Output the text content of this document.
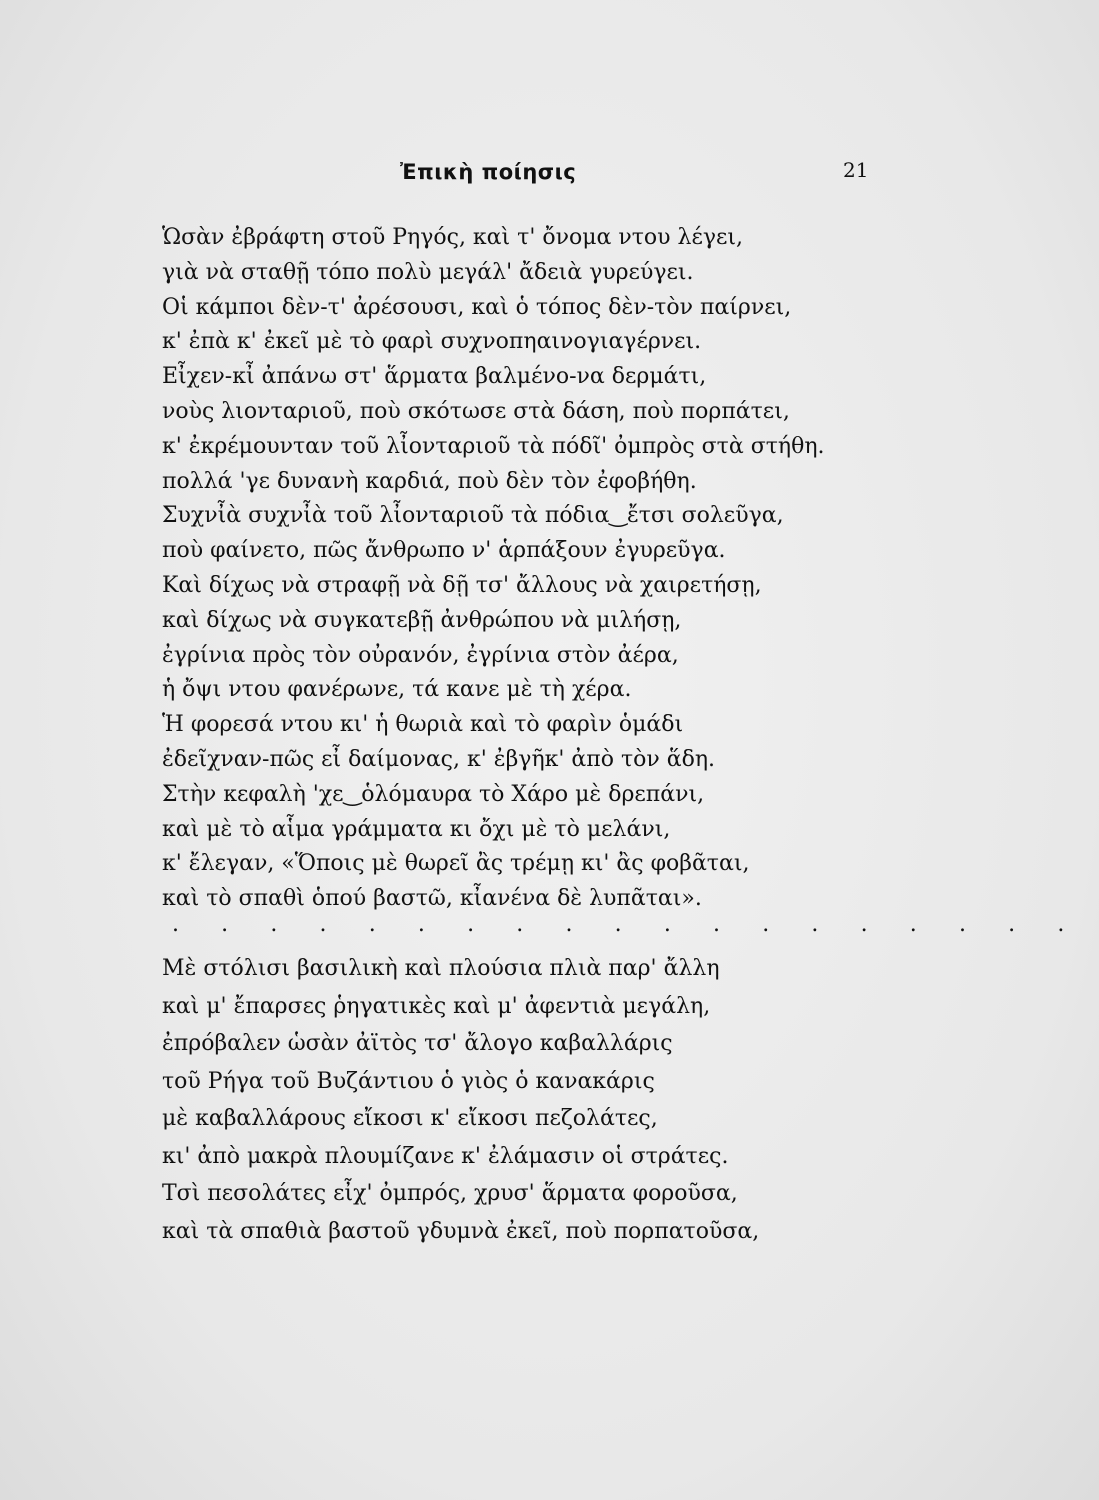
Ἐπικὴ ποίησις	21
Ὡσὰν ἐβράφτη στοῦ Ρηγός, καὶ τ' ὄνομα ντου λέγει,
γιὰ νὰ σταθῇ τόπο πολὺ μεγάλ' ἄδειὰ γυρεύγει.
Οἱ κάμποι δὲν-τ' ἀρέσουσι, καὶ ὁ τόπος δὲν-τὸν παίρνει,
κ' ἐπὰ κ' ἐκεῖ μὲ τὸ φαρὶ συχνοπηαινογιαγέρνει.
Εἶχεν-κἶ ἀπάνω στ' ἅρματα βαλμένο-να δερμάτι,
νοὺς λιονταριοῦ, ποὺ σκότωσε στὰ δάση, ποὺ πορπάτει,
κ' ἐκρέμουνταν τοῦ λἶονταριοῦ τὰ πόδῖ' ὀμπρὸς στὰ στήθη.
πολλά 'γε δυνανὴ καρδιά, ποὺ δὲν τὸν ἐφοβήθη.
Συχνἶὰ συχνἶὰ τοῦ λἶονταριοῦ τὰ πόδια‿ἔτσι σολεῦγα,
ποὺ φαίνετο, πῶς ἄνθρωπο ν' ἁρπάξουν ἐγυρεῦγα.
Καὶ δίχως νὰ στραφῇ νὰ δῇ τσ' ἄλλους νὰ χαιρετήσῃ,
καὶ δίχως νὰ συγκατεβῇ ἀνθρώπου νὰ μιλήσῃ,
ἐγρίνια πρὸς τὸν οὐρανόν, ἐγρίνια στὸν ἀέρα,
ἡ ὄψι ντου φανέρωνε, τά κανε μὲ τὴ χέρα.
Ἡ φορεσά ντου κι' ἡ θωριὰ καὶ τὸ φαρὶν ὁμάδι
ἐδεῖχναν-πῶς εἶ δαίμονας, κ' ἐβγῆκ' ἀπὸ τὸν ἅδη.
Στὴν κεφαλὴ 'χε‿ὁλόμαυρα τὸ Χάρο μὲ δρεπάνι,
καὶ μὲ τὸ αἷμα γράμματα κι ὄχι μὲ τὸ μελάνι,
κ' ἔλεγαν, «Ὅποις μὲ θωρεῖ ἂς τρέμῃ κι' ἂς φοβᾶται,
καὶ τὸ σπαθὶ ὁπού βαστῶ, κἶανένα δὲ λυπᾶται».
. . . . . . . . . . . . . . . . . . .
Μὲ στόλισι βασιλικὴ καὶ πλούσια πλιὰ παρ' ἄλλη
καὶ μ' ἔπαρσες ῥηγατικὲς καὶ μ' ἀφεντιὰ μεγάλη,
ἐπρόβαλεν ὡσὰν ἀϊτὸς τσ' ἄλογο καβαλλάρις
τοῦ Ρήγα τοῦ Βυζάντιου ὁ γιὸς ὁ κανακάρις
μὲ καβαλλάρους εἴκοσι κ' εἴκοσι πεζολάτες,
κι' ἀπὸ μακρὰ πλουμίζανε κ' ἐλάμασιν οἱ στράτες.
Τσὶ πεσολάτες εἶχ' ὀμπρός, χρυσ' ἅρματα φοροῦσα,
καὶ τὰ σπαθιὰ βαστοῦ γδυμνὰ ἐκεῖ, ποὺ πορπατοῦσα,
